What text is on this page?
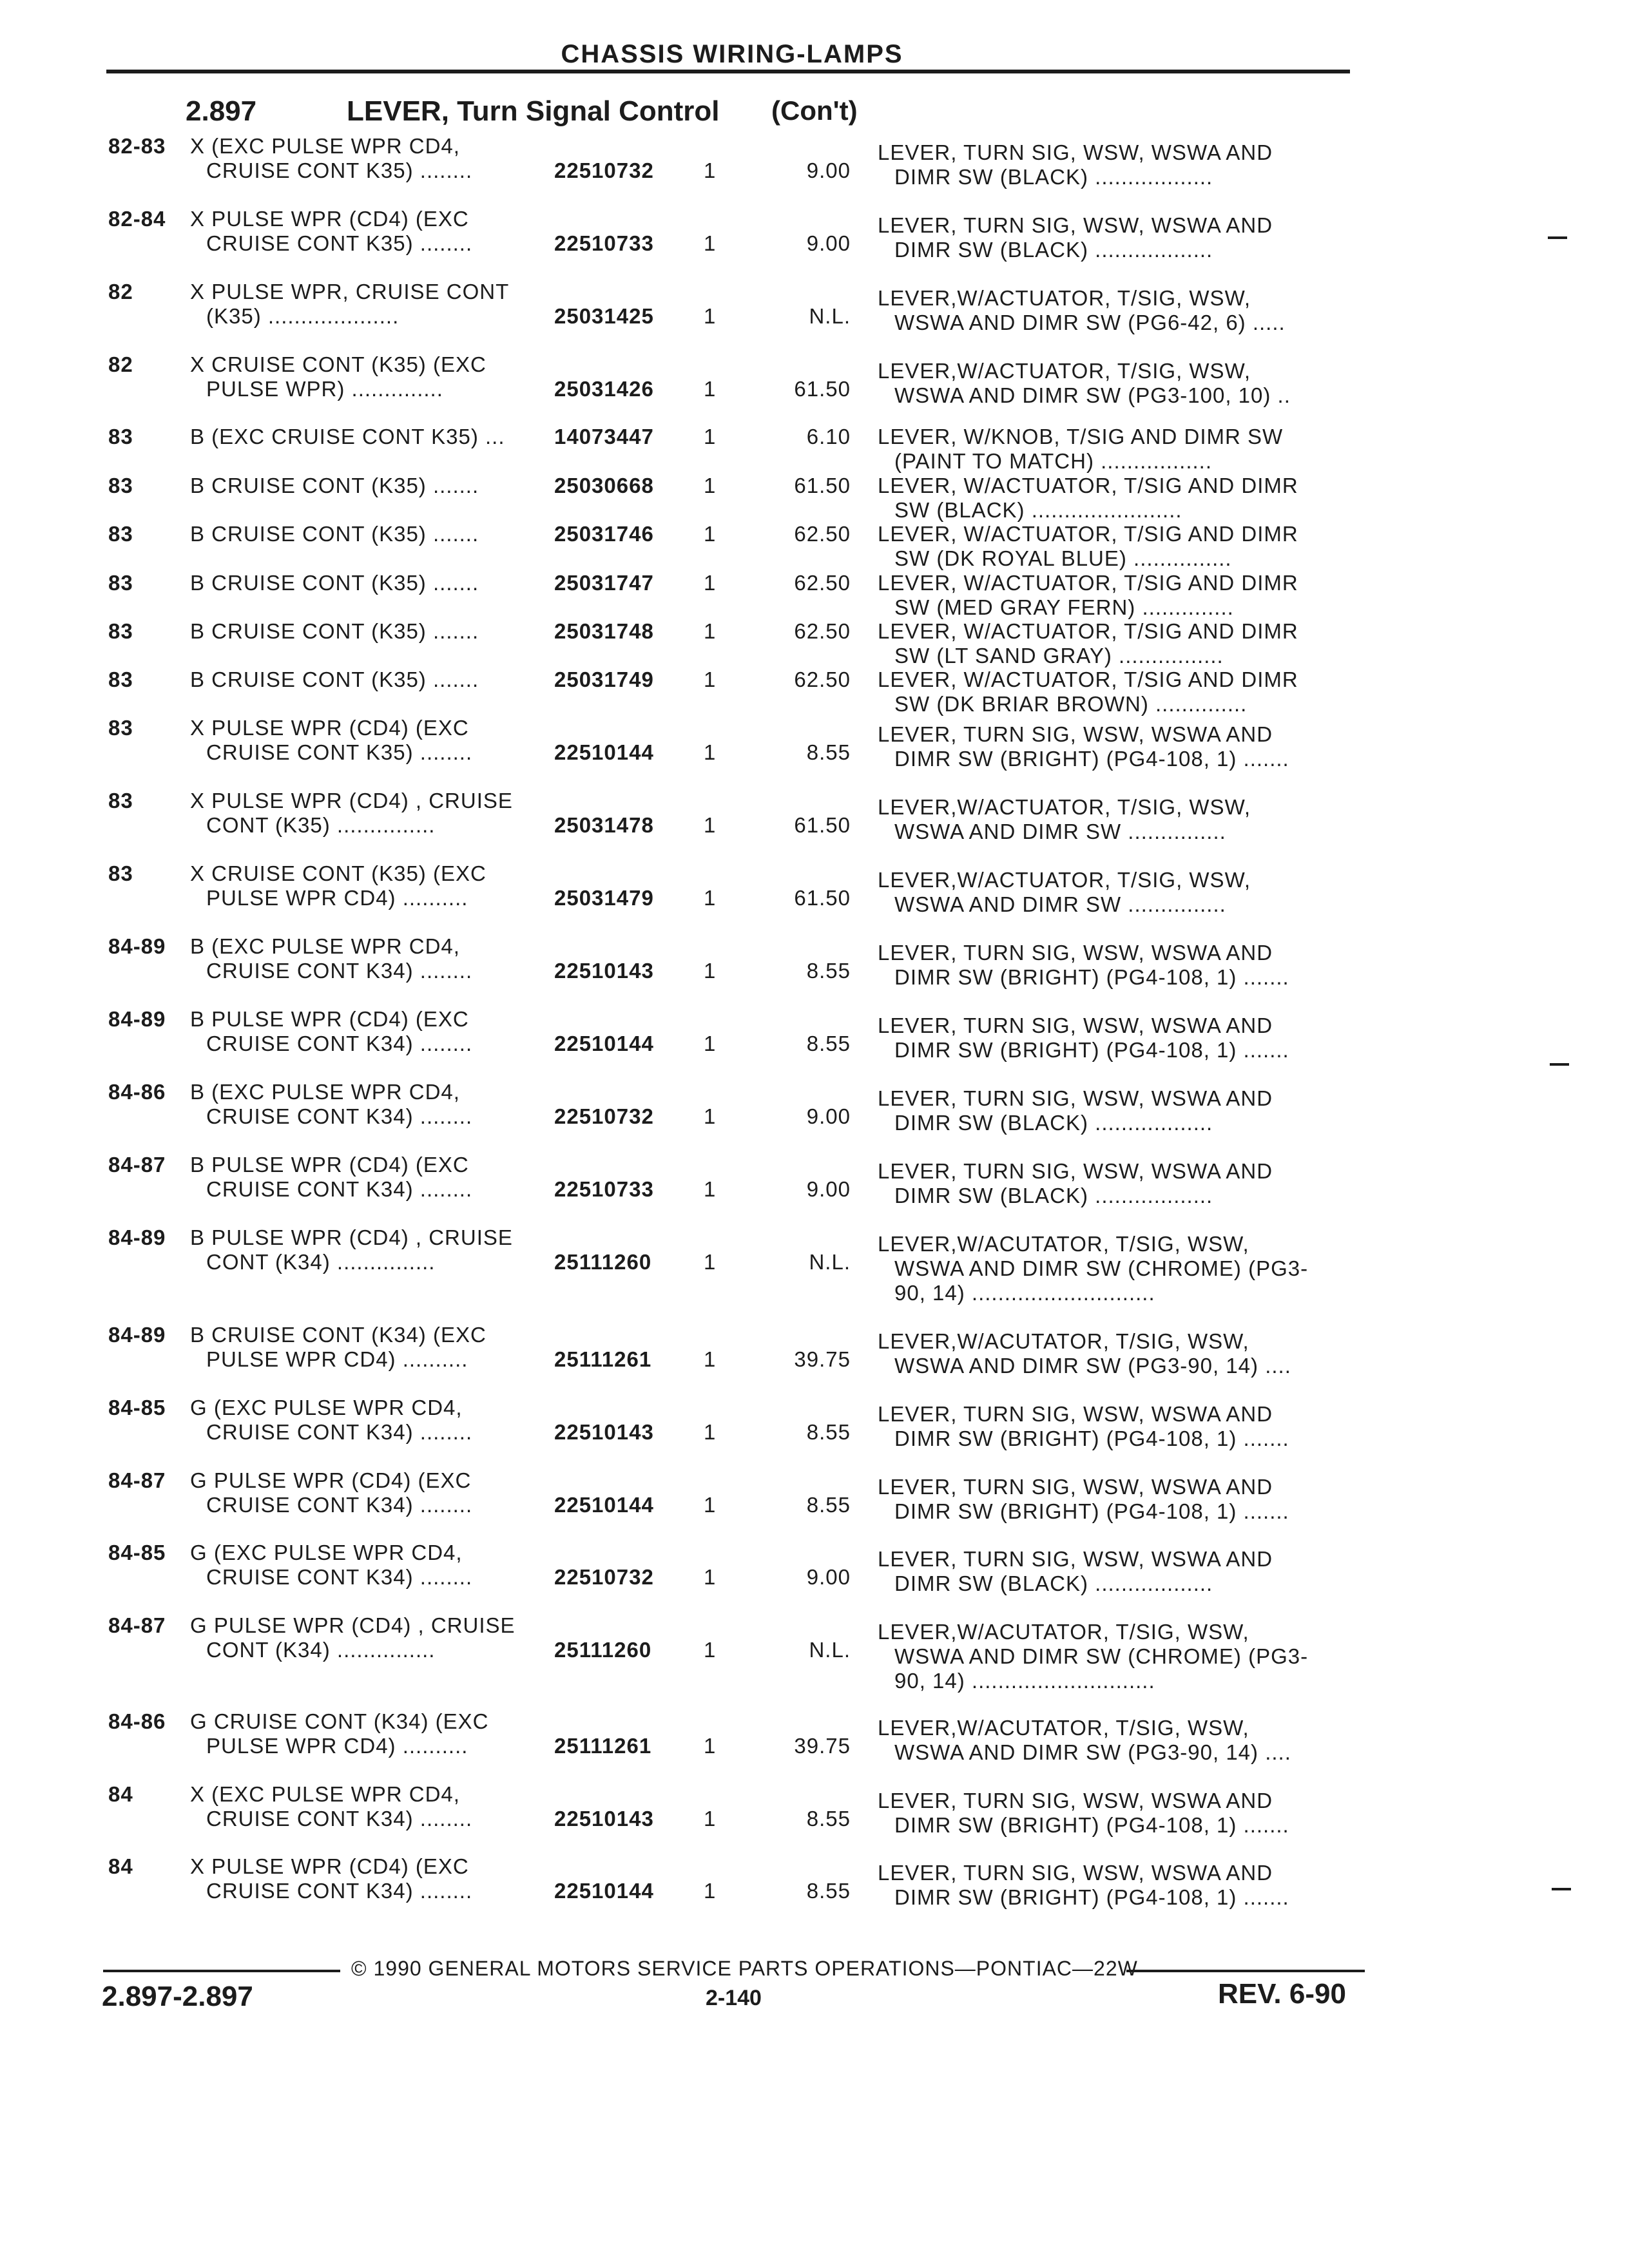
CHASSIS WIRING-LAMPS
2.897	LEVER, Turn Signal Control (Con't)
82-83 X (EXC PULSE WPR CD4,
CRUISE CONT K35) ........	22510732 1	9.00
LEVER, TURN SIG, WSW, WSWA AND
DIMR SW (BLACK) ..................
82-84 X PULSE WPR (CD4) (EXC
CRUISE CONT K35) ........	22510733 1	9.00
LEVER, TURN SIG, WSW, WSWA AND
DIMR SW (BLACK) ..................
82	X PULSE WPR, CRUISE CONT
(K35) ....................	25031425 1	N.L.
LEVER,W/ACTUATOR, T/SIG, WSW,
WSWA AND DIMR SW (PG6-42, 6) .....
82	X CRUISE CONT (K35) (EXC
PULSE WPR) ..............	25031426 1	61.50
LEVER,W/ACTUATOR, T/SIG, WSW,
WSWA AND DIMR SW (PG3-100, 10) ..
83	B (EXC CRUISE CONT K35) ... 14073447 1	6.10 LEVER, W/KNOB, T/SIG AND DIMR SW
(PAINT TO MATCH) .................
83	B CRUISE CONT (K35) .......	25030668 1	61.50 LEVER, W/ACTUATOR, T/SIG AND DIMR
SW (BLACK) .......................
83	B CRUISE CONT (K35) .......	25031746 1	62.50 LEVER, W/ACTUATOR, T/SIG AND DIMR
SW (DK ROYAL BLUE) ...............
83	B CRUISE CONT (K35) .......	25031747 1	62.50 LEVER, W/ACTUATOR, T/SIG AND DIMR
SW (MED GRAY FERN) ..............
83	B CRUISE CONT (K35) .......	25031748 1	62.50 LEVER, W/ACTUATOR, T/SIG AND DIMR
SW (LT SAND GRAY) ................
83	B CRUISE CONT (K35) .......	25031749 1	62.50 LEVER, W/ACTUATOR, T/SIG AND DIMR
SW (DK BRIAR BROWN) ..............
83	X PULSE WPR (CD4) (EXC
CRUISE CONT K35) ........	22510144 1	8.55
LEVER, TURN SIG, WSW, WSWA AND
DIMR SW (BRIGHT) (PG4-108, 1) .......
83	X PULSE WPR (CD4) , CRUISE
CONT (K35) ...............	25031478 1	61.50
LEVER,W/ACTUATOR, T/SIG, WSW,
WSWA AND DIMR SW ...............
83	X CRUISE CONT (K35) (EXC
PULSE WPR CD4) ..........	25031479 1	61.50
LEVER,W/ACTUATOR, T/SIG, WSW,
WSWA AND DIMR SW ...............
84-89 B (EXC PULSE WPR CD4,
CRUISE CONT K34) ........	22510143 1	8.55
LEVER, TURN SIG, WSW, WSWA AND
DIMR SW (BRIGHT) (PG4-108, 1) .......
84-89 B PULSE WPR (CD4) (EXC
CRUISE CONT K34) ........	22510144 1	8.55
LEVER, TURN SIG, WSW, WSWA AND
DIMR SW (BRIGHT) (PG4-108, 1) .......
84-86 B (EXC PULSE WPR CD4,
CRUISE CONT K34) ........	22510732 1	9.00
LEVER, TURN SIG, WSW, WSWA AND
DIMR SW (BLACK) ..................
84-87 B PULSE WPR (CD4) (EXC
CRUISE CONT K34) ........	22510733 1	9.00
LEVER, TURN SIG, WSW, WSWA AND
DIMR SW (BLACK) ..................
84-89 B PULSE WPR (CD4) , CRUISE
CONT (K34) ...............	25111260 1	N.L.
LEVER,W/ACUTATOR, T/SIG, WSW,
WSWA AND DIMR SW (CHROME) (PG3-
90, 14) ............................
84-89 B CRUISE CONT (K34) (EXC
PULSE WPR CD4) ..........	25111261 1	39.75
LEVER,W/ACUTATOR, T/SIG, WSW,
WSWA AND DIMR SW (PG3-90, 14) ....
84-85 G (EXC PULSE WPR CD4,
CRUISE CONT K34) ........	22510143 1	8.55
LEVER, TURN SIG, WSW, WSWA AND
DIMR SW (BRIGHT) (PG4-108, 1) .......
84-87 G PULSE WPR (CD4) (EXC
CRUISE CONT K34) ........	22510144 1	8.55
LEVER, TURN SIG, WSW, WSWA AND
DIMR SW (BRIGHT) (PG4-108, 1) .......
84-85 G (EXC PULSE WPR CD4,
CRUISE CONT K34) ........	22510732 1	9.00
LEVER, TURN SIG, WSW, WSWA AND
DIMR SW (BLACK) ..................
84-87 G PULSE WPR (CD4) , CRUISE
CONT (K34) ...............	25111260 1	N.L.
LEVER,W/ACUTATOR, T/SIG, WSW,
WSWA AND DIMR SW (CHROME) (PG3-
90, 14) ............................
84-86 G CRUISE CONT (K34) (EXC
PULSE WPR CD4) ..........	25111261 1	39.75
LEVER,W/ACUTATOR, T/SIG, WSW,
WSWA AND DIMR SW (PG3-90, 14) ....
84	X (EXC PULSE WPR CD4,
CRUISE CONT K34) ........	22510143 1	8.55
LEVER, TURN SIG, WSW, WSWA AND
DIMR SW (BRIGHT) (PG4-108, 1) .......
84	X PULSE WPR (CD4) (EXC
CRUISE CONT K34) ........	22510144 1	8.55
LEVER, TURN SIG, WSW, WSWA AND
DIMR SW (BRIGHT) (PG4-108, 1) .......
© 1990 GENERAL MOTORS SERVICE PARTS OPERATIONS—PONTIAC—22W
2.897-2.897	2-140	REV. 6-90
